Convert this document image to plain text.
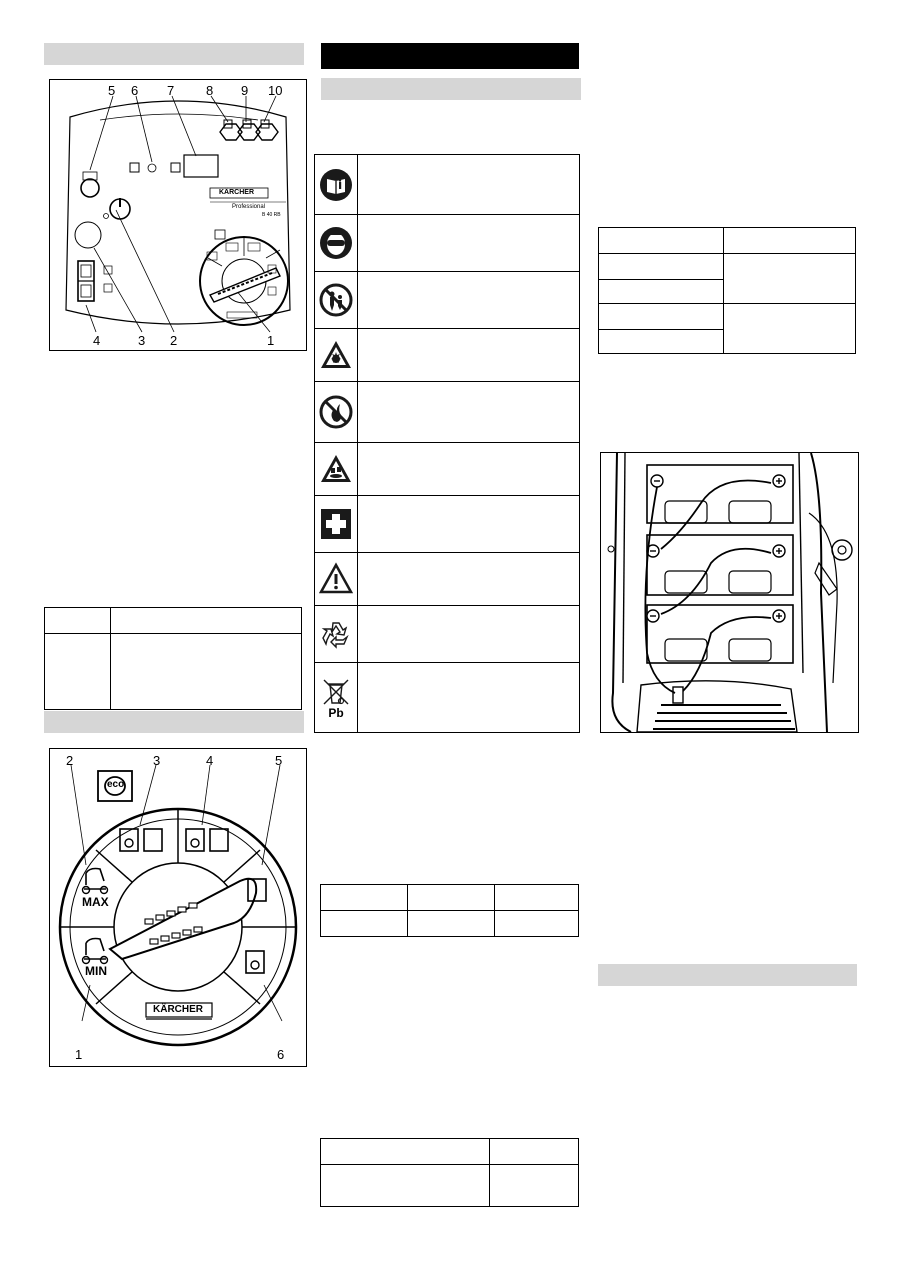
5 6 7 8 9 10
4	3 2	1
KÄRCHER
Professional
B 40 RB

2	3	4	5
1	6
MAX
MIN
eco
KÄRCHER
Pb
